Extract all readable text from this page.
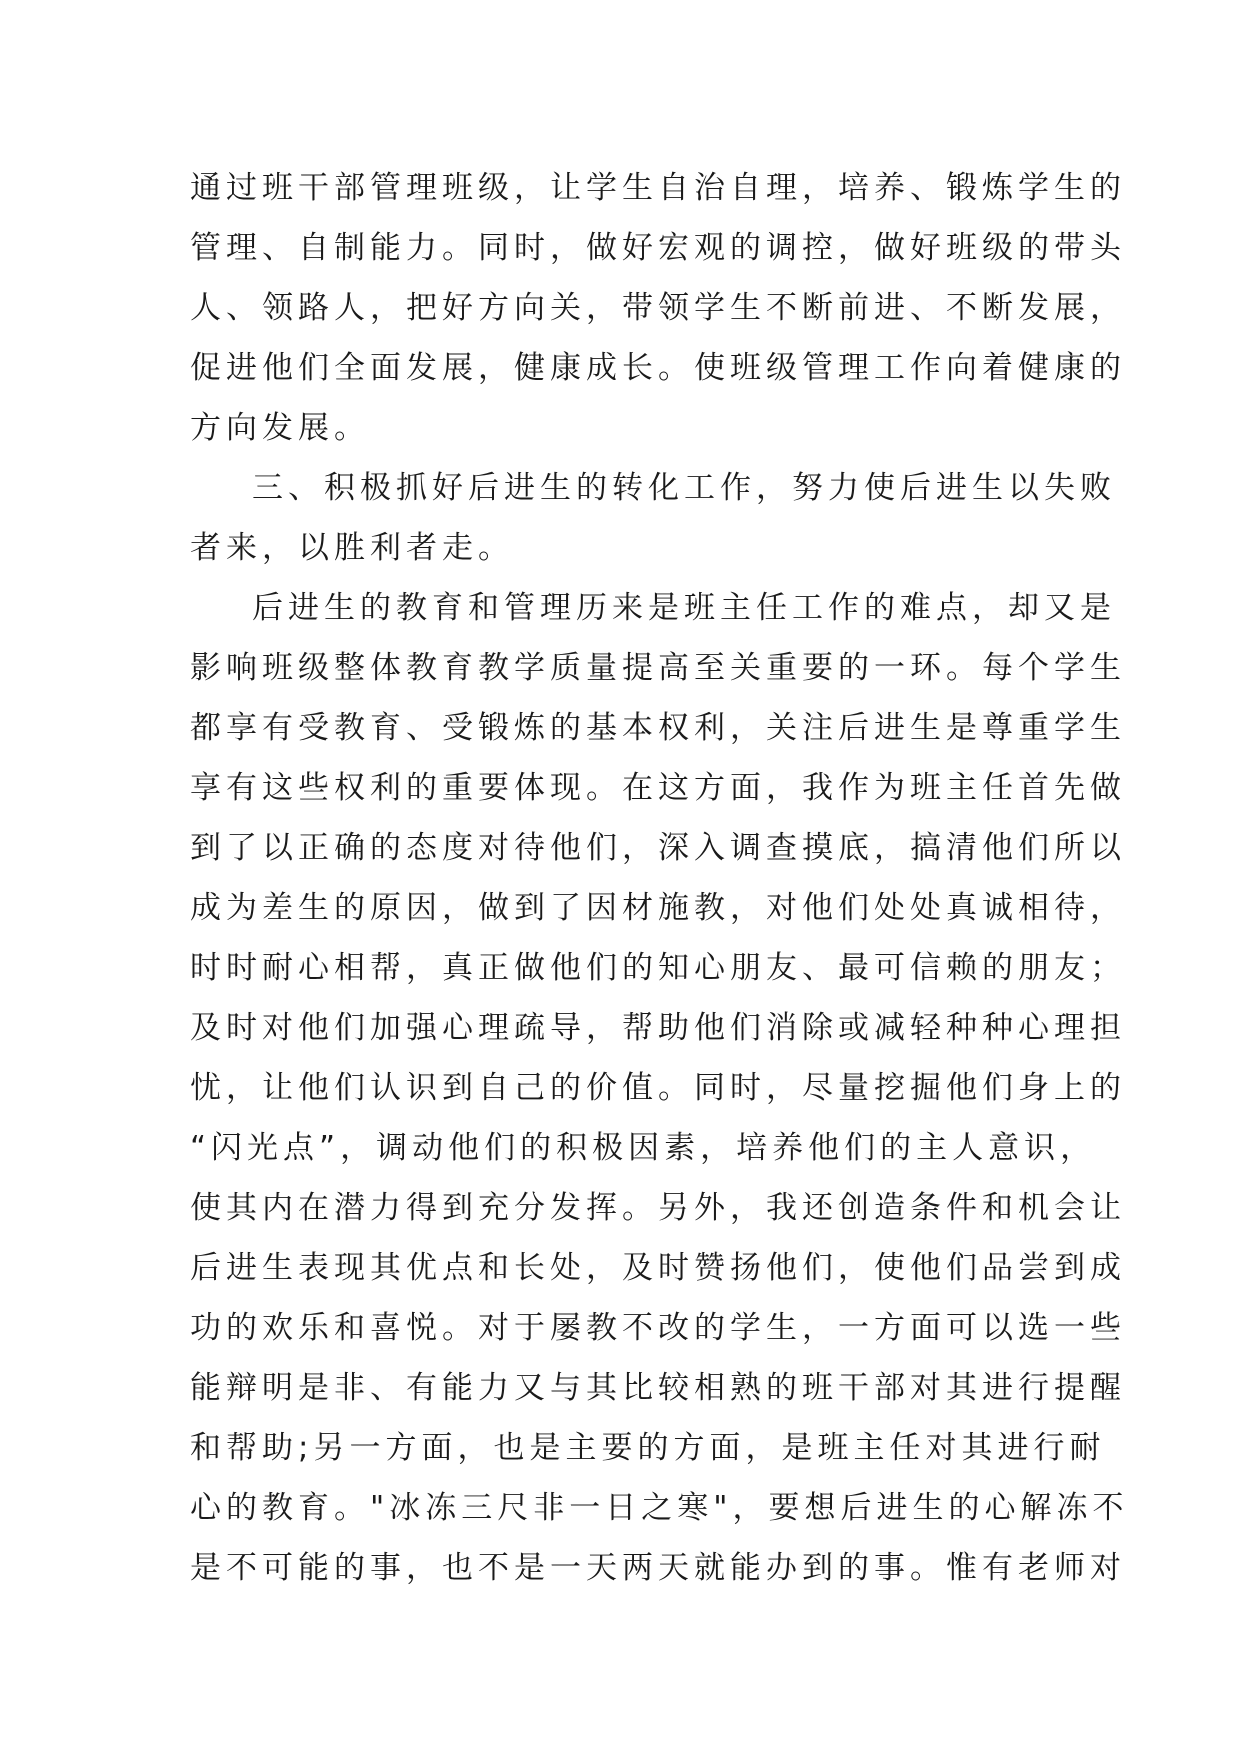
通过班干部管理班级，让学生自治自理，培养、锻炼学生的
管理、自制能力。同时，做好宏观的调控，做好班级的带头
人、领路人，把好方向关，带领学生不断前进、不断发展，
促进他们全面发展，健康成长。使班级管理工作向着健康的
方向发展。
三、积极抓好后进生的转化工作，努力使后进生以失败
者来，以胜利者走。
后进生的教育和管理历来是班主任工作的难点，却又是
影响班级整体教育教学质量提高至关重要的一环。每个学生
都享有受教育、受锻炼的基本权利，关注后进生是尊重学生
享有这些权利的重要体现。在这方面，我作为班主任首先做
到了以正确的态度对待他们，深入调查摸底，搞清他们所以
成为差生的原因，做到了因材施教，对他们处处真诚相待，
时时耐心相帮，真正做他们的知心朋友、最可信赖的朋友；
及时对他们加强心理疏导，帮助他们消除或减轻种种心理担
忧，让他们认识到自己的价值。同时，尽量挖掘他们身上的
“闪光点”，调动他们的积极因素，培养他们的主人意识，
使其内在潜力得到充分发挥。另外，我还创造条件和机会让
后进生表现其优点和长处，及时赞扬他们，使他们品尝到成
功的欢乐和喜悦。对于屡教不改的学生，一方面可以选一些
能辩明是非、有能力又与其比较相熟的班干部对其进行提醒
和帮助;另一方面，也是主要的方面，是班主任对其进行耐
心的教育。"冰冻三尺非一日之寒"，要想后进生的心解冻不
是不可能的事，也不是一天两天就能办到的事。惟有老师对
